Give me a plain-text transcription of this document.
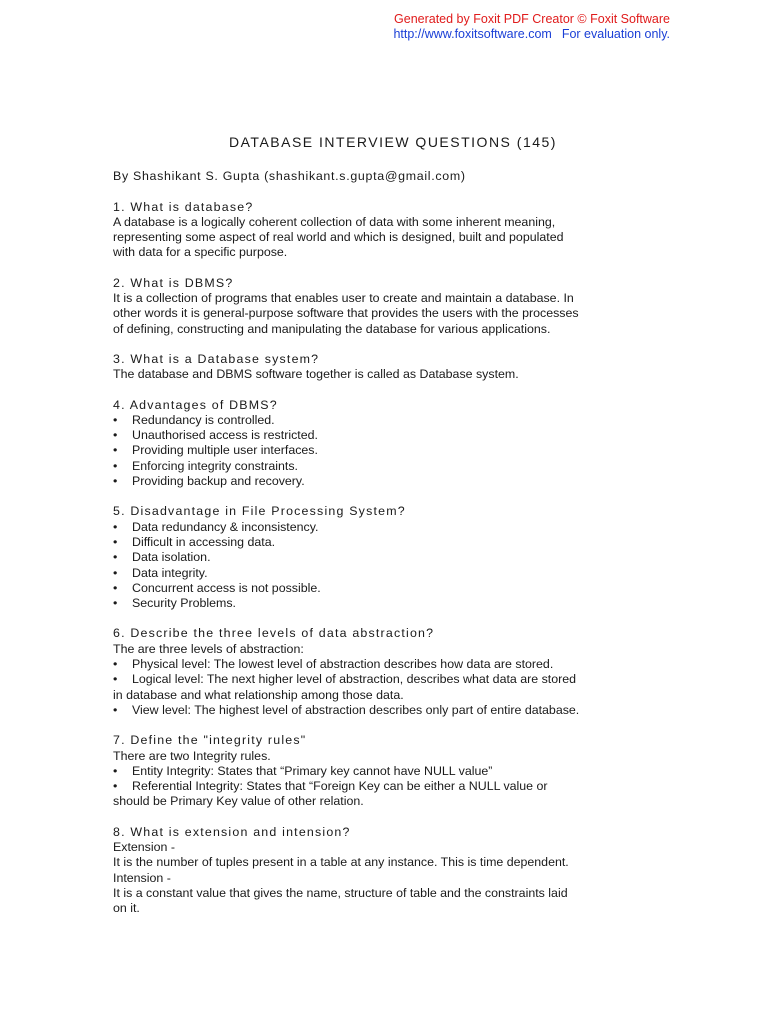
Generated by Foxit PDF Creator © Foxit Software
http://www.foxitsoftware.com For evaluation only.
DATABASE INTERVIEW QUESTIONS (145)
By Shashikant S. Gupta (shashikant.s.gupta@gmail.com)
1. What is database?
A database is a logically coherent collection of data with some inherent meaning,
representing some aspect of real world and which is designed, built and populated
with data for a specific purpose.
2. What is DBMS?
It is a collection of programs that enables user to create and maintain a database. In
other words it is general-purpose software that provides the users with the processes
of defining, constructing and manipulating the database for various applications.
3. What is a Database system?
The database and DBMS software together is called as Database system.
4. Advantages of DBMS?
• Redundancy is controlled.
• Unauthorised access is restricted.
• Providing multiple user interfaces.
• Enforcing integrity constraints.
• Providing backup and recovery.
5. Disadvantage in File Processing System?
• Data redundancy & inconsistency.
• Difficult in accessing data.
• Data isolation.
• Data integrity.
• Concurrent access is not possible.
• Security Problems.
6. Describe the three levels of data abstraction?
The are three levels of abstraction:
• Physical level: The lowest level of abstraction describes how data are stored.
• Logical level: The next higher level of abstraction, describes what data are stored
in database and what relationship among those data.
• View level: The highest level of abstraction describes only part of entire database.
7. Define the "integrity rules"
There are two Integrity rules.
• Entity Integrity: States that “Primary key cannot have NULL value”
• Referential Integrity: States that “Foreign Key can be either a NULL value or
should be Primary Key value of other relation.
8. What is extension and intension?
Extension -
It is the number of tuples present in a table at any instance. This is time dependent.
Intension -
It is a constant value that gives the name, structure of table and the constraints laid
on it.
